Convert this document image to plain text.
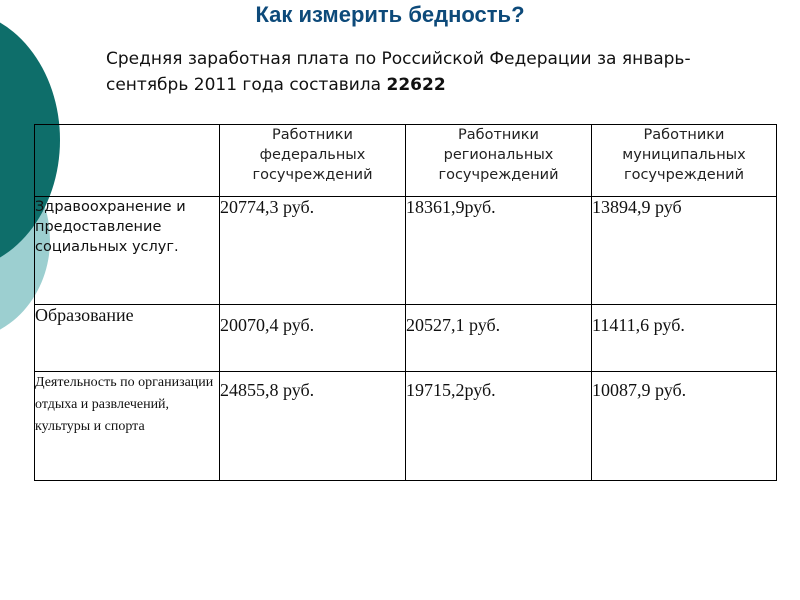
Как измерить бедность?

Средняя заработная плата по Российской Федерации за январь-сентябрь 2011 года составила 22622

	Работники федеральных госучреждений	Работники региональных госучреждений	Работники муниципальных госучреждений
Здравоохранение и предоставление социальных услуг.	20774,3 руб.	18361,9руб.	13894,9 руб
Образование	20070,4 руб.	20527,1 руб.	11411,6 руб.
Деятельность по организации отдыха и развлечений, культуры и спорта	24855,8 руб.	19715,2руб.	10087,9 руб.
